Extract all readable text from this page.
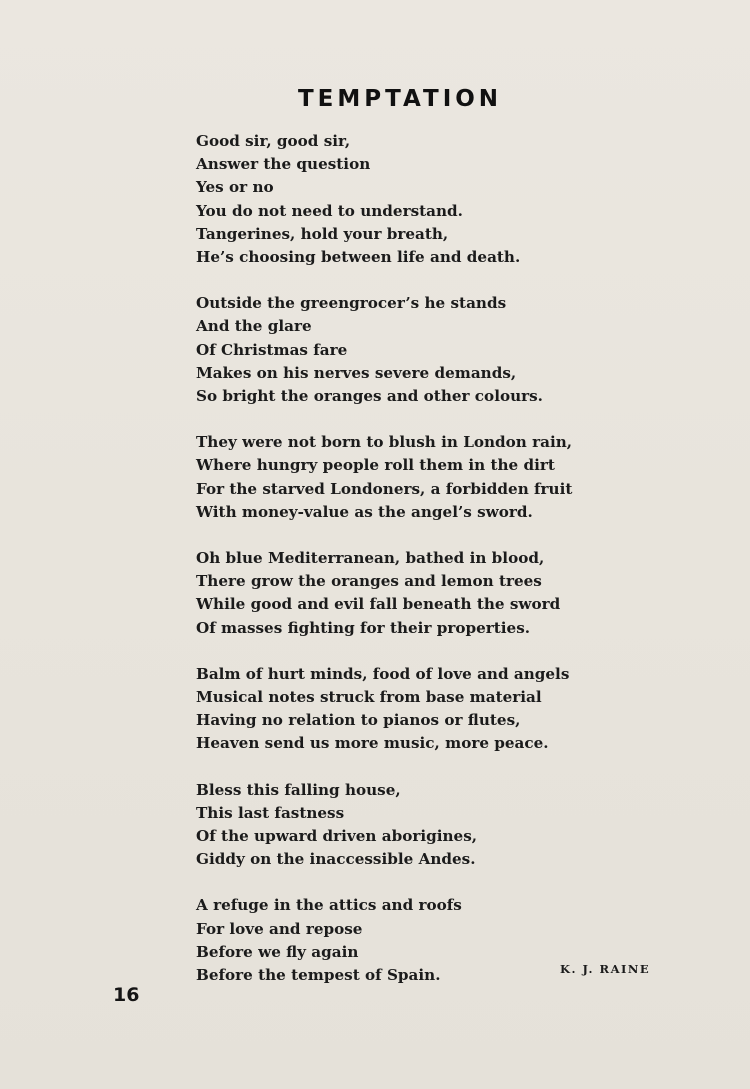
TEMPTATION
Good sir, good sir,
Answer the question
Yes or no
You do not need to understand.
Tangerines, hold your breath,
He’s choosing between life and death.
Outside the greengrocer’s he stands
And the glare
Of Christmas fare
Makes on his nerves severe demands,
So bright the oranges and other colours.
They were not born to blush in London rain,
Where hungry people roll them in the dirt
For the starved Londoners, a forbidden fruit
With money-value as the angel’s sword.
Oh blue Mediterranean, bathed in blood,
There grow the oranges and lemon trees
While good and evil fall beneath the sword
Of masses fighting for their properties.
Balm of hurt minds, food of love and angels
Musical notes struck from base material
Having no relation to pianos or flutes,
Heaven send us more music, more peace.
Bless this falling house,
This last fastness
Of the upward driven aborigines,
Giddy on the inaccessible Andes.
A refuge in the attics and roofs
For love and repose
Before we fly again
Before the tempest of Spain.	K. J. RAINE
16
